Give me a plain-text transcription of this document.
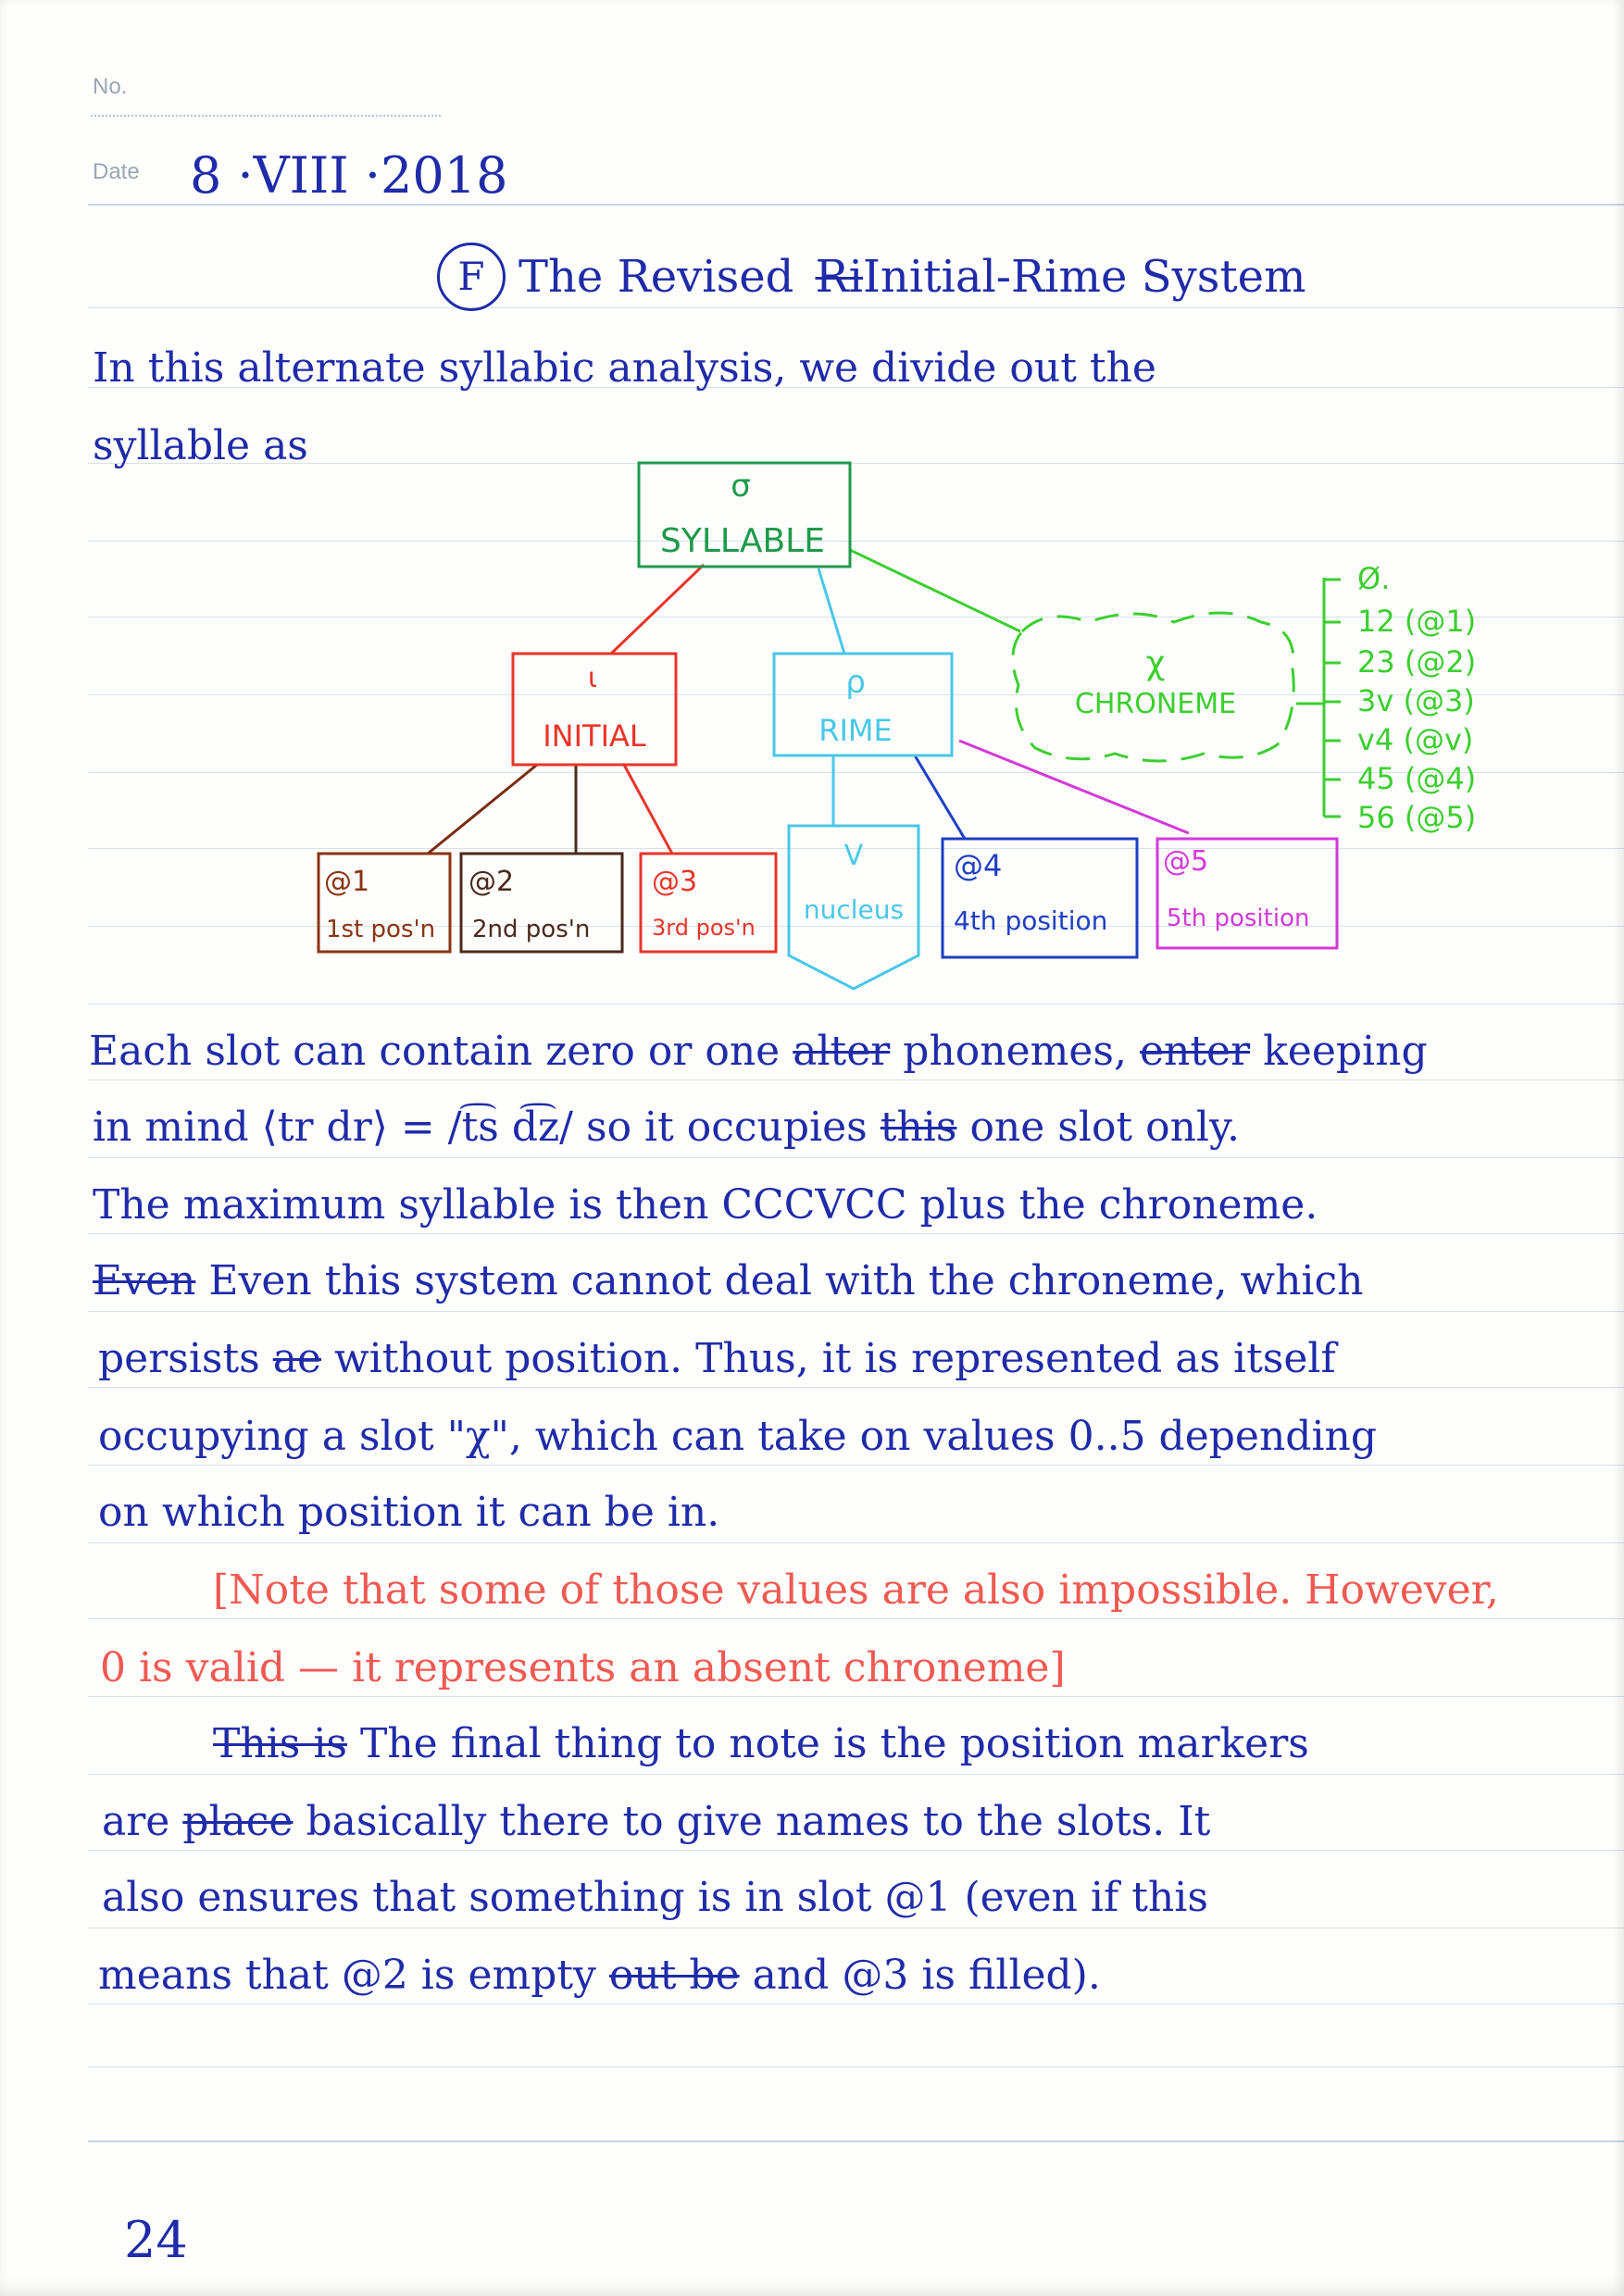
No.
Date 8 ·VIII ·2018
F The Revised RiInitial-Rime System
In this alternate syllabic analysis, we divide out the
syllable as
σ
SYLLABLE
ι
INITIAL
ρ
RIME
χ
CHRONEME
Ø.
12 (@1)
23 (@2)
3v (@3)
v4 (@v)
45 (@4)
56 (@5)
@1
1st pos'n
@2
2nd pos'n
@3
3rd pos'n
V
nucleus
@4
4th position
@5
5th position
Each slot can contain zero or one alter phonemes, enter keeping
in mind ⟨tr dr⟩ = /t͡s d͡z/ so it occupies this one slot only.
The maximum syllable is then CCCVCC plus the chroneme.
Even Even this system cannot deal with the chroneme, which
persists ae without position. Thus, it is represented as itself
occupying a slot "χ", which can take on values 0..5 depending
on which position it can be in.
[Note that some of those values are also impossible. However,
0 is valid — it represents an absent chroneme]
This is The final thing to note is the position markers
are place basically there to give names to the slots. It
also ensures that something is in slot @1 (even if this
means that @2 is empty out be and @3 is filled).
24
